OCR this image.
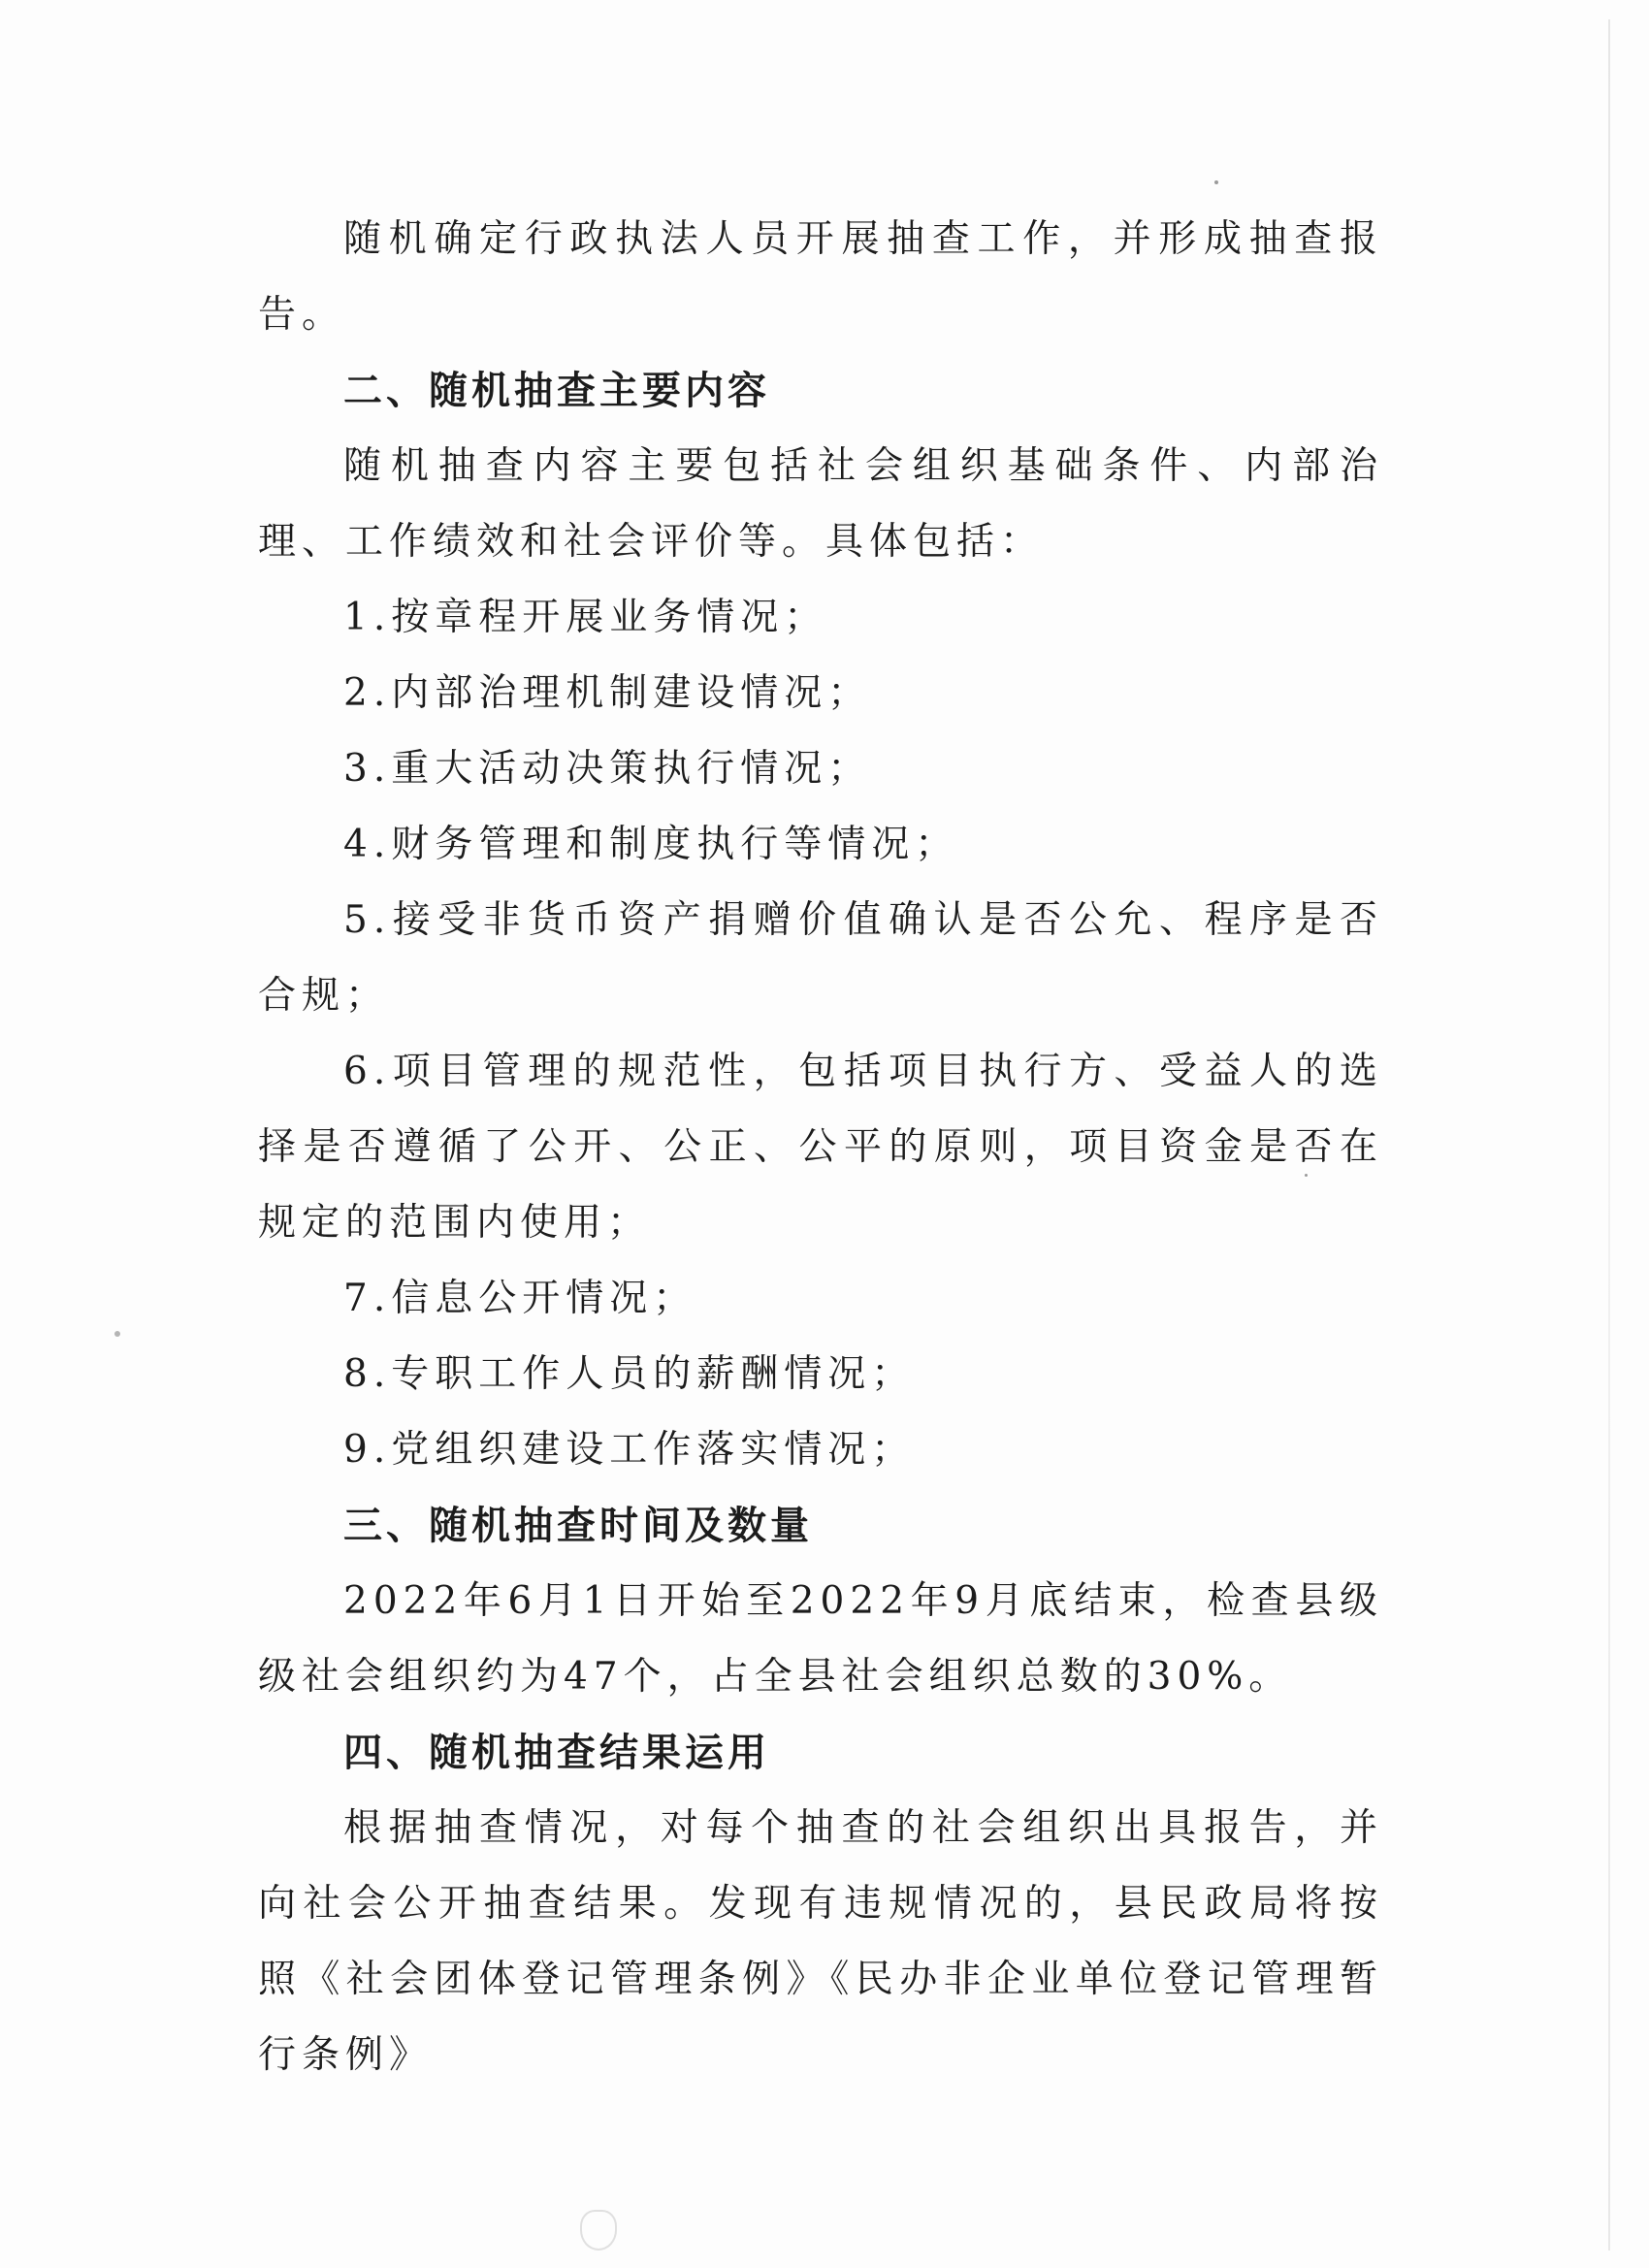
随机确定行政执法人员开展抽查工作，并形成抽查报告。

二、随机抽查主要内容

随机抽查内容主要包括社会组织基础条件、内部治理、工作绩效和社会评价等。具体包括：

1.按章程开展业务情况；

2.内部治理机制建设情况；

3.重大活动决策执行情况；

4.财务管理和制度执行等情况；

5.接受非货币资产捐赠价值确认是否公允、程序是否合规；

6.项目管理的规范性，包括项目执行方、受益人的选择是否遵循了公开、公正、公平的原则，项目资金是否在规定的范围内使用；

7.信息公开情况；

8.专职工作人员的薪酬情况；

9.党组织建设工作落实情况；

三、随机抽查时间及数量

2022年6月1日开始至2022年9月底结束，检查县级级社会组织约为47个，占全县社会组织总数的30%。

四、随机抽查结果运用

根据抽查情况，对每个抽查的社会组织出具报告，并向社会公开抽查结果。发现有违规情况的，县民政局将按照《社会团体登记管理条例》《民办非企业单位登记管理暂行条例》
